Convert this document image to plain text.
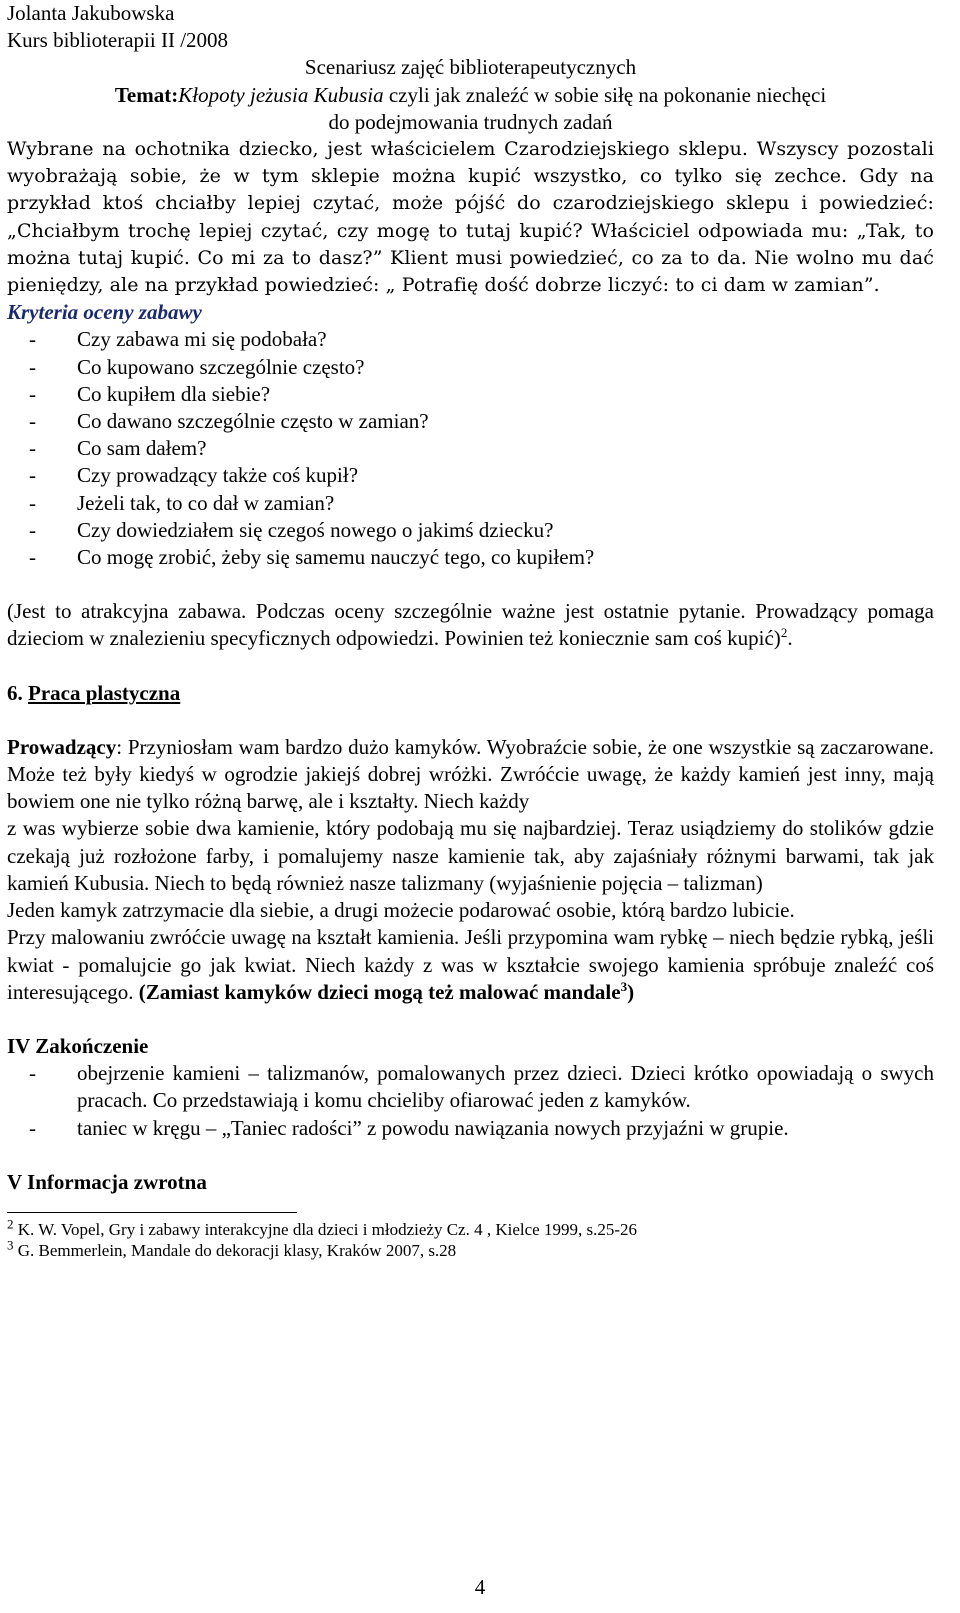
Jolanta Jakubowska

Kurs biblioterapii II /2008

Scenariusz zajęć biblioterapeutycznych

Temat:Kłopoty jeżusia Kubusia czyli jak znaleźć w sobie siłę na pokonanie niechęci

do podejmowania trudnych zadań

Wybrane na ochotnika dziecko, jest właścicielem Czarodziejskiego sklepu. Wszyscy pozostali wyobrażają sobie, że w tym sklepie można kupić wszystko, co tylko się zechce. Gdy na przykład ktoś chciałby lepiej czytać, może pójść do czarodziejskiego sklepu i powiedzieć: „Chciałbym trochę lepiej czytać, czy mogę to tutaj kupić? Właściciel odpowiada mu: „Tak, to można tutaj kupić. Co mi za to dasz?” Klient musi powiedzieć, co za to da. Nie wolno mu dać pieniędzy, ale na przykład powiedzieć: „ Potrafię dość dobrze liczyć: to ci dam w zamian”.

Kryteria oceny zabawy

- Czy zabawa mi się podobała?
- Co kupowano szczególnie często?
- Co kupiłem dla siebie?
- Co dawano szczególnie często w zamian?
- Co sam dałem?
- Czy prowadzący także coś kupił?
- Jeżeli tak, to co dał w zamian?
- Czy dowiedziałem się czegoś nowego o jakimś dziecku?
- Co mogę zrobić, żeby się samemu nauczyć tego, co kupiłem?

(Jest to atrakcyjna zabawa. Podczas oceny szczególnie ważne jest ostatnie pytanie. Prowadzący pomaga dzieciom w znalezieniu specyficznych odpowiedzi. Powinien też koniecznie sam coś kupić)$^2$.

6. Praca plastyczna

Prowadzący: Przyniosłam wam bardzo dużo kamyków. Wyobraźcie sobie, że one wszystkie są zaczarowane. Może też były kiedyś w ogrodzie jakiejś dobrej wróżki. Zwróćcie uwagę, że każdy kamień jest inny, mają bowiem one nie tylko różną barwę, ale i kształty. Niech każdy

z was wybierze sobie dwa kamienie, który podobają mu się najbardziej. Teraz usiądziemy do stolików gdzie czekają już rozłożone farby, i pomalujemy nasze kamienie tak, aby zajaśniały różnymi barwami, tak jak kamień Kubusia. Niech to będą również nasze talizmany (wyjaśnienie pojęcia – talizman)

Jeden kamyk zatrzymacie dla siebie, a drugi możecie podarować osobie, którą bardzo lubicie.

Przy malowaniu zwróćcie uwagę na kształt kamienia. Jeśli przypomina wam rybkę – niech będzie rybką, jeśli kwiat - pomalujcie go jak kwiat. Niech każdy z was w kształcie swojego kamienia spróbuje znaleźć coś interesującego. (Zamiast kamyków dzieci mogą też malować mandale$^3$)

IV Zakończenie

- obejrzenie kamieni – talizmanów, pomalowanych przez dzieci. Dzieci krótko opowiadają o swych pracach. Co przedstawiają i komu chcieliby ofiarować jeden z kamyków.
- taniec w kręgu – „Taniec radości” z powodu nawiązania nowych przyjaźni w grupie.

V Informacja zwrotna

$^2$ K. W. Vopel, Gry i zabawy interakcyjne dla dzieci i młodzieży Cz. 4 , Kielce 1999, s.25-26

$^3$ G. Bemmerlein, Mandale do dekoracji klasy, Kraków 2007, s.28

4
